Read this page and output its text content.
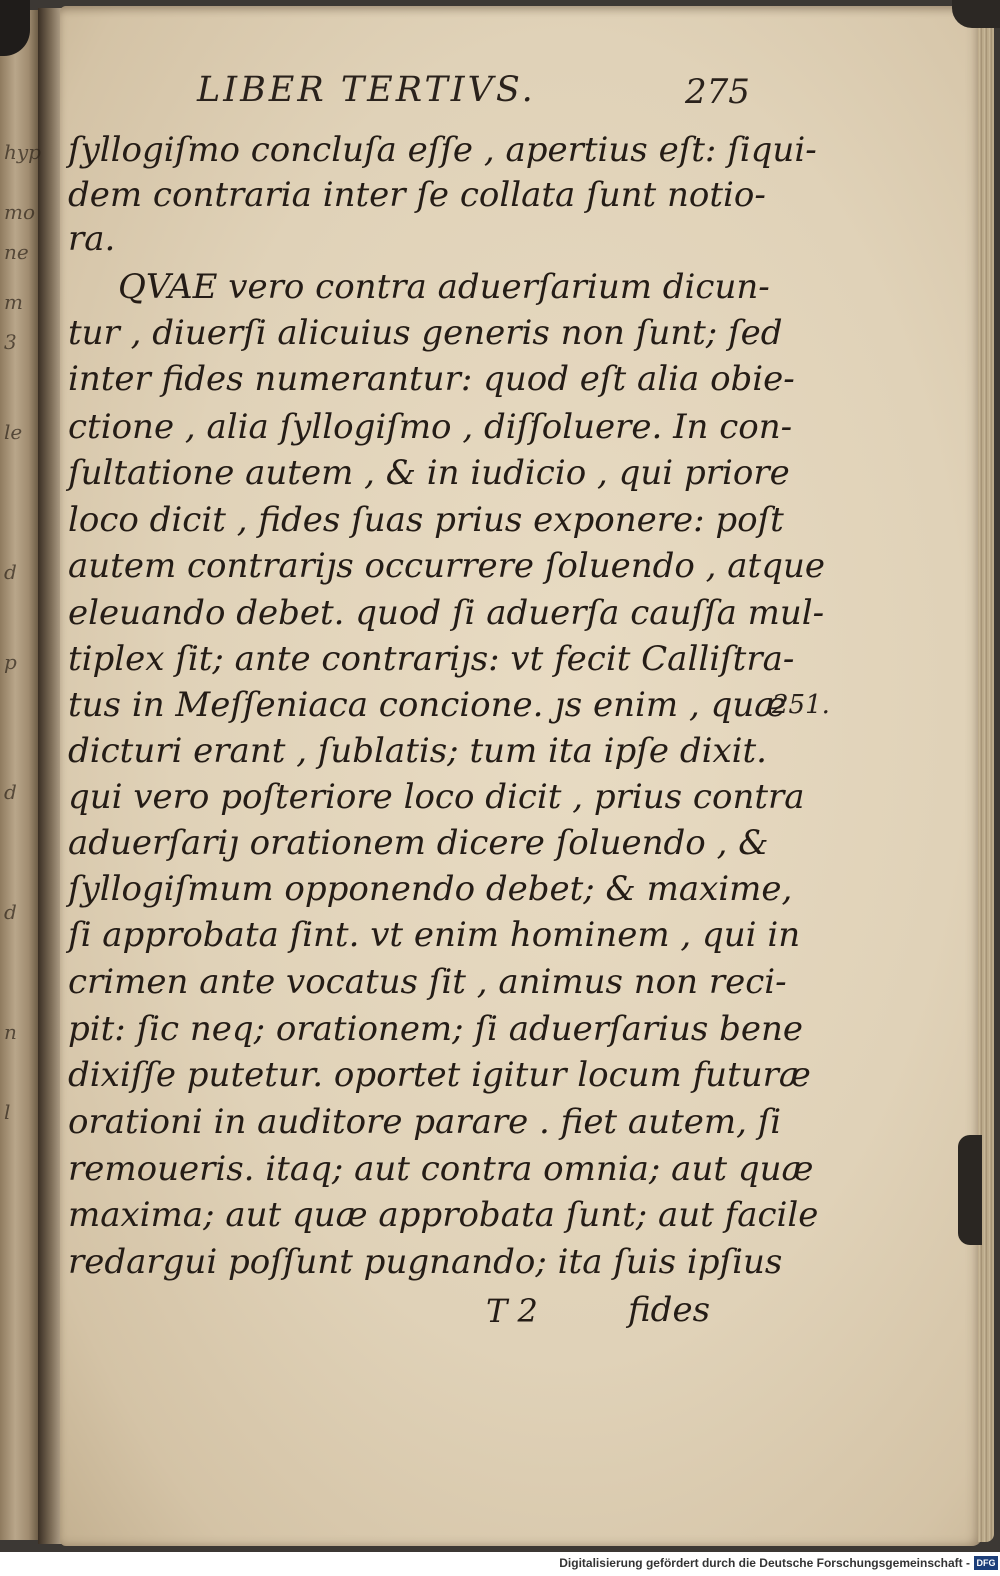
LIBER TERTIVS.	275
ſyllogiſmo concluſa eſſe , apertius eſt: ſiqui-
dem contraria inter ſe collata ſunt notio-
ra.
QVAE vero contra aduerſarium dicun-
tur , diuerſi alicuius generis non ſunt; ſed
inter fides numerantur: quod eſt alia obie-
ctione , alia ſyllogiſmo , diſſoluere. In con-
ſultatione autem , & in iudicio , qui priore
loco dicit , fides ſuas prius exponere: poſt
autem contrariȷs occurrere ſoluendo , atque
eleuando debet. quod ſi aduerſa cauſſa mul-
tiplex ſit; ante contrariȷs: vt fecit Calliſtra-
tus in Meſſeniaca concione. ȷs enim , quæ
dicturi erant , ſublatis; tum ita ipſe dixit.
qui vero poſteriore loco dicit , prius contra
aduerſariȷ orationem dicere ſoluendo , &
ſyllogiſmum opponendo debet; & maxime,
ſi approbata ſint. vt enim hominem , qui in
crimen ante vocatus ſit , animus non reci-
pit: ſic neq; orationem; ſi aduerſarius bene
dixiſſe putetur. oportet igitur locum futuræ
orationi in auditore parare . fiet autem, ſi
remoueris. itaq; aut contra omnia; aut quæ
maxima; aut quæ approbata ſunt; aut facile
redargui poſſunt pugnando; ita ſuis ipſius
251.
T 2	fides
hyp
mo
ne
m
3
le
d
p
d
d
n
l
Digitalisierung gefördert durch die Deutsche Forschungsgemeinschaft - DFG
